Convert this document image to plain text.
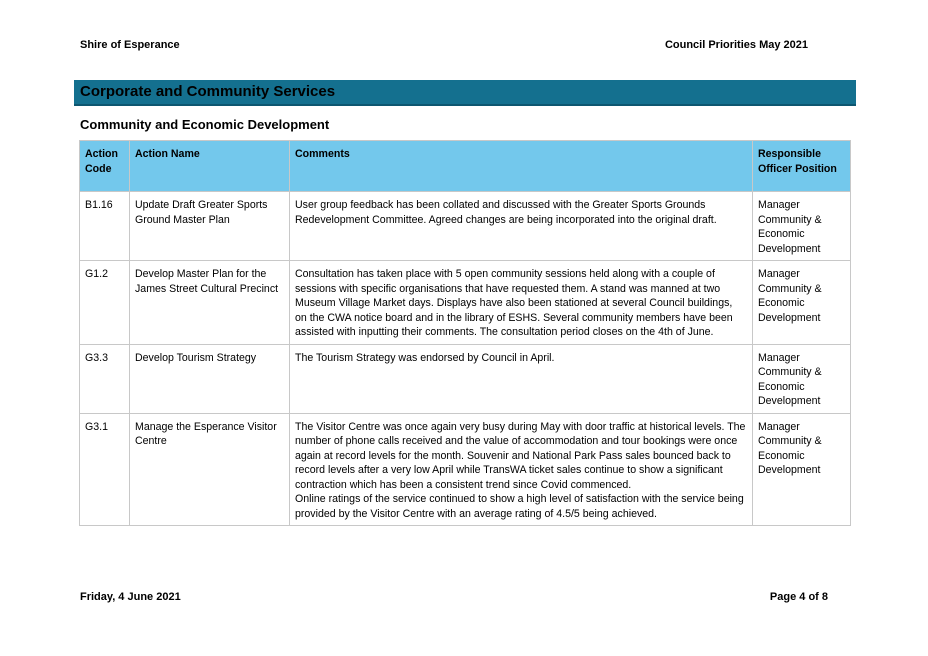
Shire of Esperance	Council Priorities May 2021
Corporate and Community Services
Community and Economic Development
Action Code	Action Name	Comments	Responsible Officer Position
B1.16	Update Draft Greater Sports Ground Master Plan	User group feedback has been collated and discussed with the Greater Sports Grounds Redevelopment Committee. Agreed changes are being incorporated into the original draft.	Manager Community & Economic Development
G1.2	Develop Master Plan for the James Street Cultural Precinct	Consultation has taken place with 5 open community sessions held along with a couple of sessions with specific organisations that have requested them. A stand was manned at two Museum Village Market days. Displays have also been stationed at several Council buildings, on the CWA notice board and in the library of ESHS. Several community members have been assisted with inputting their comments. The consultation period closes on the 4th of June.	Manager Community & Economic Development
G3.3	Develop Tourism Strategy	The Tourism Strategy was endorsed by Council in April.	Manager Community & Economic Development
G3.1	Manage the Esperance Visitor Centre	The Visitor Centre was once again very busy during May with door traffic at historical levels. The number of phone calls received and the value of accommodation and tour bookings were once again at record levels for the month. Souvenir and National Park Pass sales bounced back to record levels after a very low April while TransWA ticket sales continue to show a significant contraction which has been a consistent trend since Covid commenced.
Online ratings of the service continued to show a high level of satisfaction with the service being provided by the Visitor Centre with an average rating of 4.5/5 being achieved.	Manager Community & Economic Development
Friday, 4 June 2021	Page 4 of 8
